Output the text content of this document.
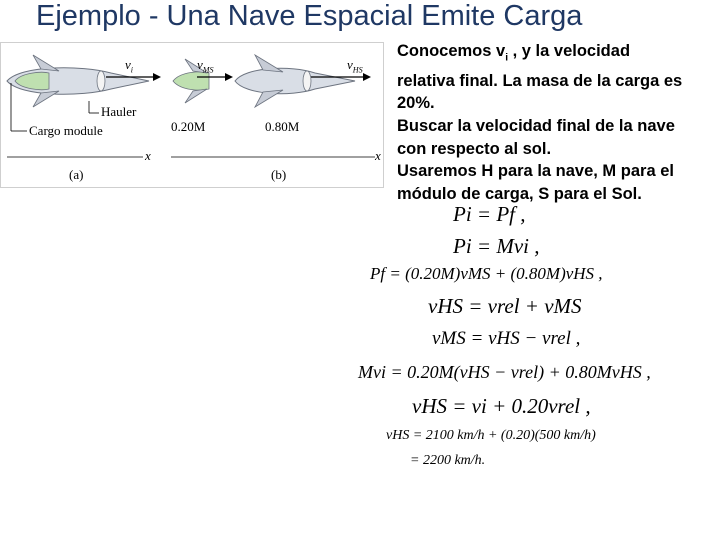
Ejemplo - Una Nave Espacial Emite Carga
$v_i$	$v_{MS}$	$v_{HS}$
Hauler
Cargo module	0.20M	0.80M
x	x
(a)	(b)
Conocemos $v_i$ , y la velocidad
relativa final. La masa de la carga es
20%.
Buscar la velocidad final de la nave
con respecto al sol.
Usaremos H para la nave, M para el
módulo de carga, S para el Sol.
Pi = Pf ,
Pi = Mvi ,
Pf = (0.20M)vMS + (0.80M)vHS ,
vHS = vrel + vMS
vMS = vHS − vrel ,
Mvi = 0.20M(vHS − vrel) + 0.80MvHS ,
vHS = vi + 0.20vrel ,
vHS = 2100 km/h + (0.20)(500 km/h)
= 2200 km/h.
